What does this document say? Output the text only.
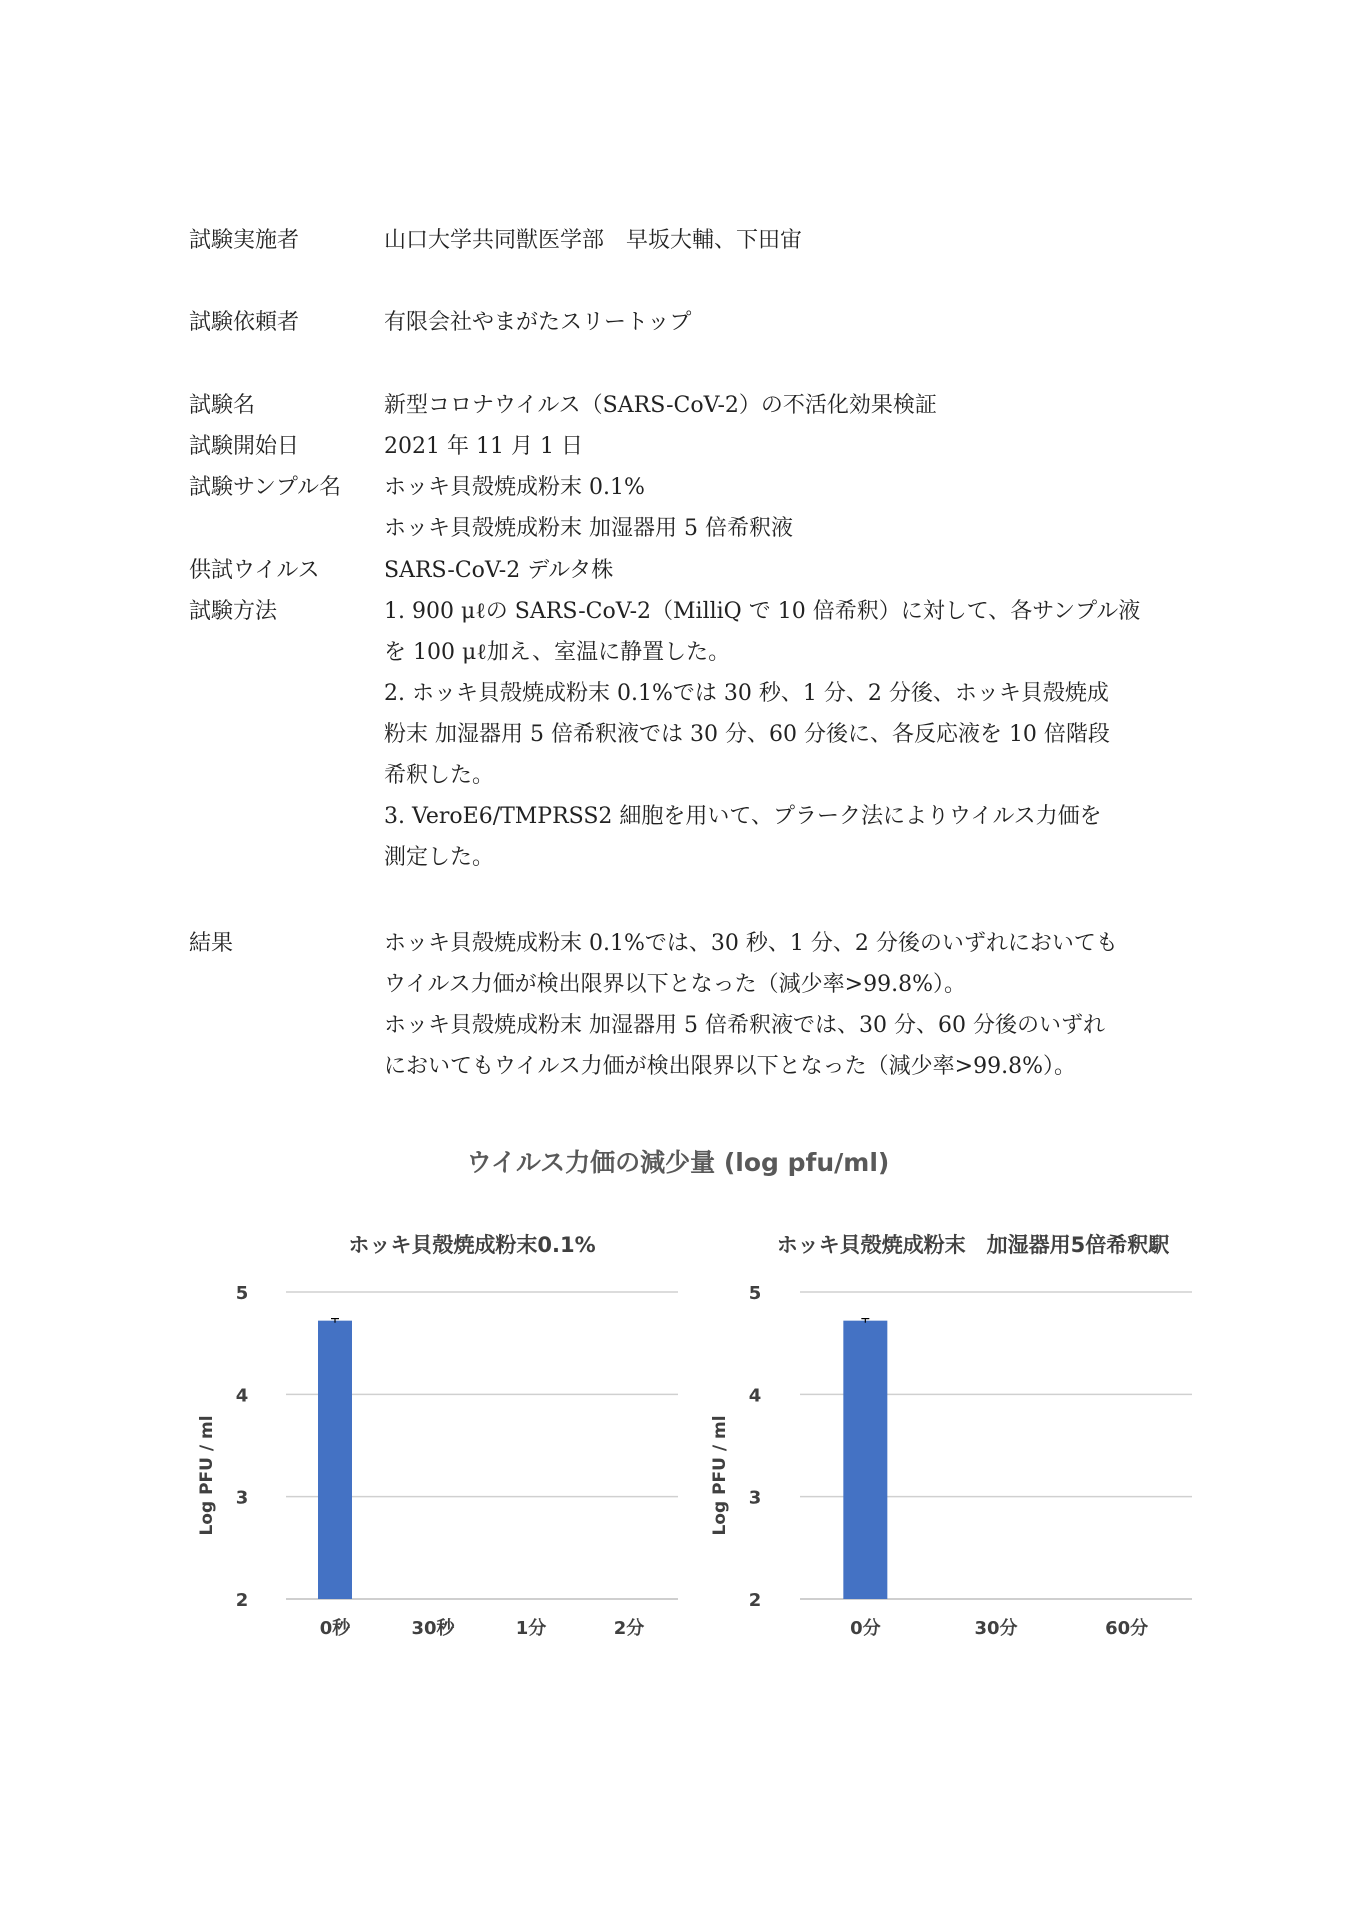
試験実施者	山口大学共同獣医学部　早坂大輔、下田宙
試験依頼者	有限会社やまがたスリートップ
試験名	新型コロナウイルス（SARS-CoV-2）の不活化効果検証
試験開始日	2021 年 11 月 1 日
試験サンプル名	ホッキ貝殻焼成粉末 0.1%
ホッキ貝殻焼成粉末 加湿器用 5 倍希釈液
供試ウイルス	SARS-CoV-2 デルタ株
試験方法	1. 900 μℓの SARS-CoV-2（MilliQ で 10 倍希釈）に対して、各サンプル液
を 100 μℓ加え、室温に静置した。
2. ホッキ貝殻焼成粉末 0.1%では 30 秒、1 分、2 分後、ホッキ貝殻焼成
粉末 加湿器用 5 倍希釈液では 30 分、60 分後に、各反応液を 10 倍階段
希釈した。
3. VeroE6/TMPRSS2 細胞を用いて、プラーク法によりウイルス力価を
測定した。
結果	ホッキ貝殻焼成粉末 0.1%では、30 秒、1 分、2 分後のいずれにおいても
ウイルス力価が検出限界以下となった（減少率>99.8%）。
ホッキ貝殻焼成粉末 加湿器用 5 倍希釈液では、30 分、60 分後のいずれ
においてもウイルス力価が検出限界以下となった（減少率>99.8%）。
ウイルス力価の減少量 (log pfu/ml)
ホッキ貝殻焼成粉末0.1%
2
3
4
5
Log PFU / ml
0秒	30秒	1分	2分
ホッキ貝殻焼成粉末　加湿器用5倍希釈駅
2
3
4
5
Log PFU / ml
0分	30分	60分
